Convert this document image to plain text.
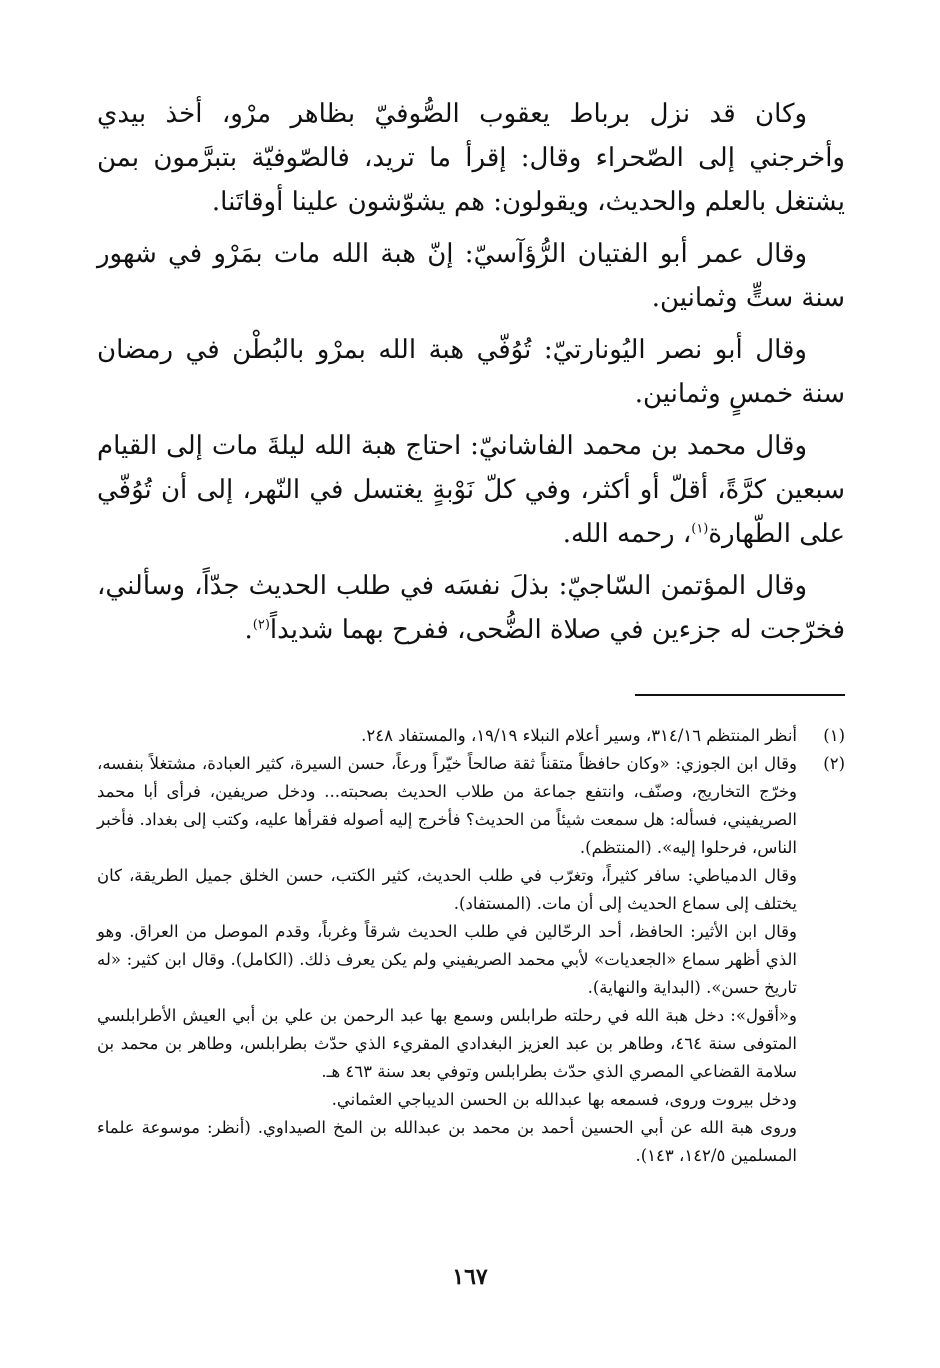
وكان قد نزل برباط يعقوب الصُّوفيّ بظاهر مرْو، أخذ بيدي وأخرجني إلى الصّحراء وقال: إقرأ ما تريد، فالصّوفيّة بتبرَّمون بمن يشتغل بالعلم والحديث، ويقولون: هم يشوّشون علينا أوقاتَنا.

وقال عمر أبو الفتيان الرُّؤآسيّ: إنّ هبة الله مات بمَرْو في شهور سنة ستٍّ وثمانين.

وقال أبو نصر اليُونارتيّ: تُوُفّي هبة الله بمرْو بالبُطْن في رمضان سنة خمسٍ وثمانين.

وقال محمد بن محمد الفاشانيّ: احتاج هبة الله ليلةَ مات إلى القيام سبعين كرَّةً، أقلّ أو أكثر، وفي كلّ نَوْبةٍ يغتسل في النّهر، إلى أن تُوُفّي على الطّهارة$^{(١)}$، رحمه الله.

وقال المؤتمن السّاجيّ: بذلَ نفسَه في طلب الحديث جدّاً، وسألني، فخرّجت له جزءين في صلاة الضُّحى، ففرح بهما شديداً$^{(٢)}$.

(١)

أنظر المنتظم ٣١٤/١٦، وسير أعلام النبلاء ١٩/١٩، والمستفاد ٢٤٨.

(٢)

وقال ابن الجوزي: «وكان حافظاً متقناً ثقة صالحاً خيّراً ورعاً، حسن السيرة، كثير العبادة، مشتغلاً بنفسه، وخرّج التخاريج، وصنّف، وانتفع جماعة من طلاب الحديث بصحبته... ودخل صريفين، فرأى أبا محمد الصريفيني، فسأله: هل سمعت شيئاً من الحديث؟ فأخرج إليه أصوله فقرأها عليه، وكتب إلى بغداد. فأخبر الناس، فرحلوا إليه». (المنتظم).

وقال الدمياطي: سافر كثيراً، وتغرّب في طلب الحديث، كثير الكتب، حسن الخلق جميل الطريقة، كان يختلف إلى سماع الحديث إلى أن مات. (المستفاد).

وقال ابن الأثير: الحافظ، أحد الرحّالين في طلب الحديث شرقاً وغرباً، وقدم الموصل من العراق. وهو الذي أظهر سماع «الجعديات» لأبي محمد الصريفيني ولم يكن يعرف ذلك. (الكامل). وقال ابن كثير: «له تاريخ حسن». (البداية والنهاية).

و«أقول»: دخل هبة الله في رحلته طرابلس وسمع بها عبد الرحمن بن علي بن أبي العيش الأطرابلسي المتوفى سنة ٤٦٤، وطاهر بن عبد العزيز البغدادي المقريء الذي حدّث بطرابلس، وطاهر بن محمد بن سلامة القضاعي المصري الذي حدّث بطرابلس وتوفي بعد سنة ٤٦٣ هـ.

ودخل بيروت وروى، فسمعه بها عبدالله بن الحسن الديباجي العثماني.

وروى هبة الله عن أبي الحسين أحمد بن محمد بن عبدالله بن المخ الصيداوي. (أنظر: موسوعة علماء المسلمين ١٤٢/٥، ١٤٣).

١٦٧
